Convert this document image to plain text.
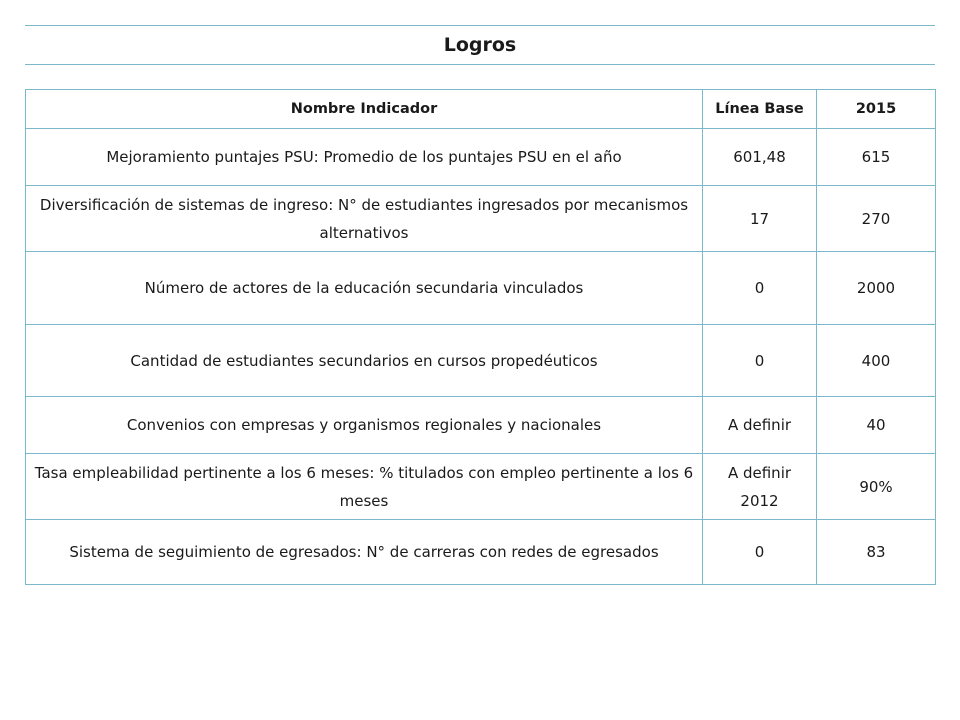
Logros
Nombre Indicador	Línea Base	2015
Mejoramiento puntajes PSU: Promedio de los puntajes PSU en el año	601,48	615
Diversificación de sistemas de ingreso: N° de estudiantes ingresados por mecanismos alternativos	17	270
Número de actores de la educación secundaria vinculados	0	2000
Cantidad de estudiantes secundarios en cursos propedéuticos	0	400
Convenios con empresas y organismos regionales y nacionales	A definir	40
Tasa empleabilidad pertinente a los 6 meses: % titulados con empleo pertinente a los 6 meses	A definir 2012	90%
Sistema de seguimiento de egresados: N° de carreras con redes de egresados	0	83
